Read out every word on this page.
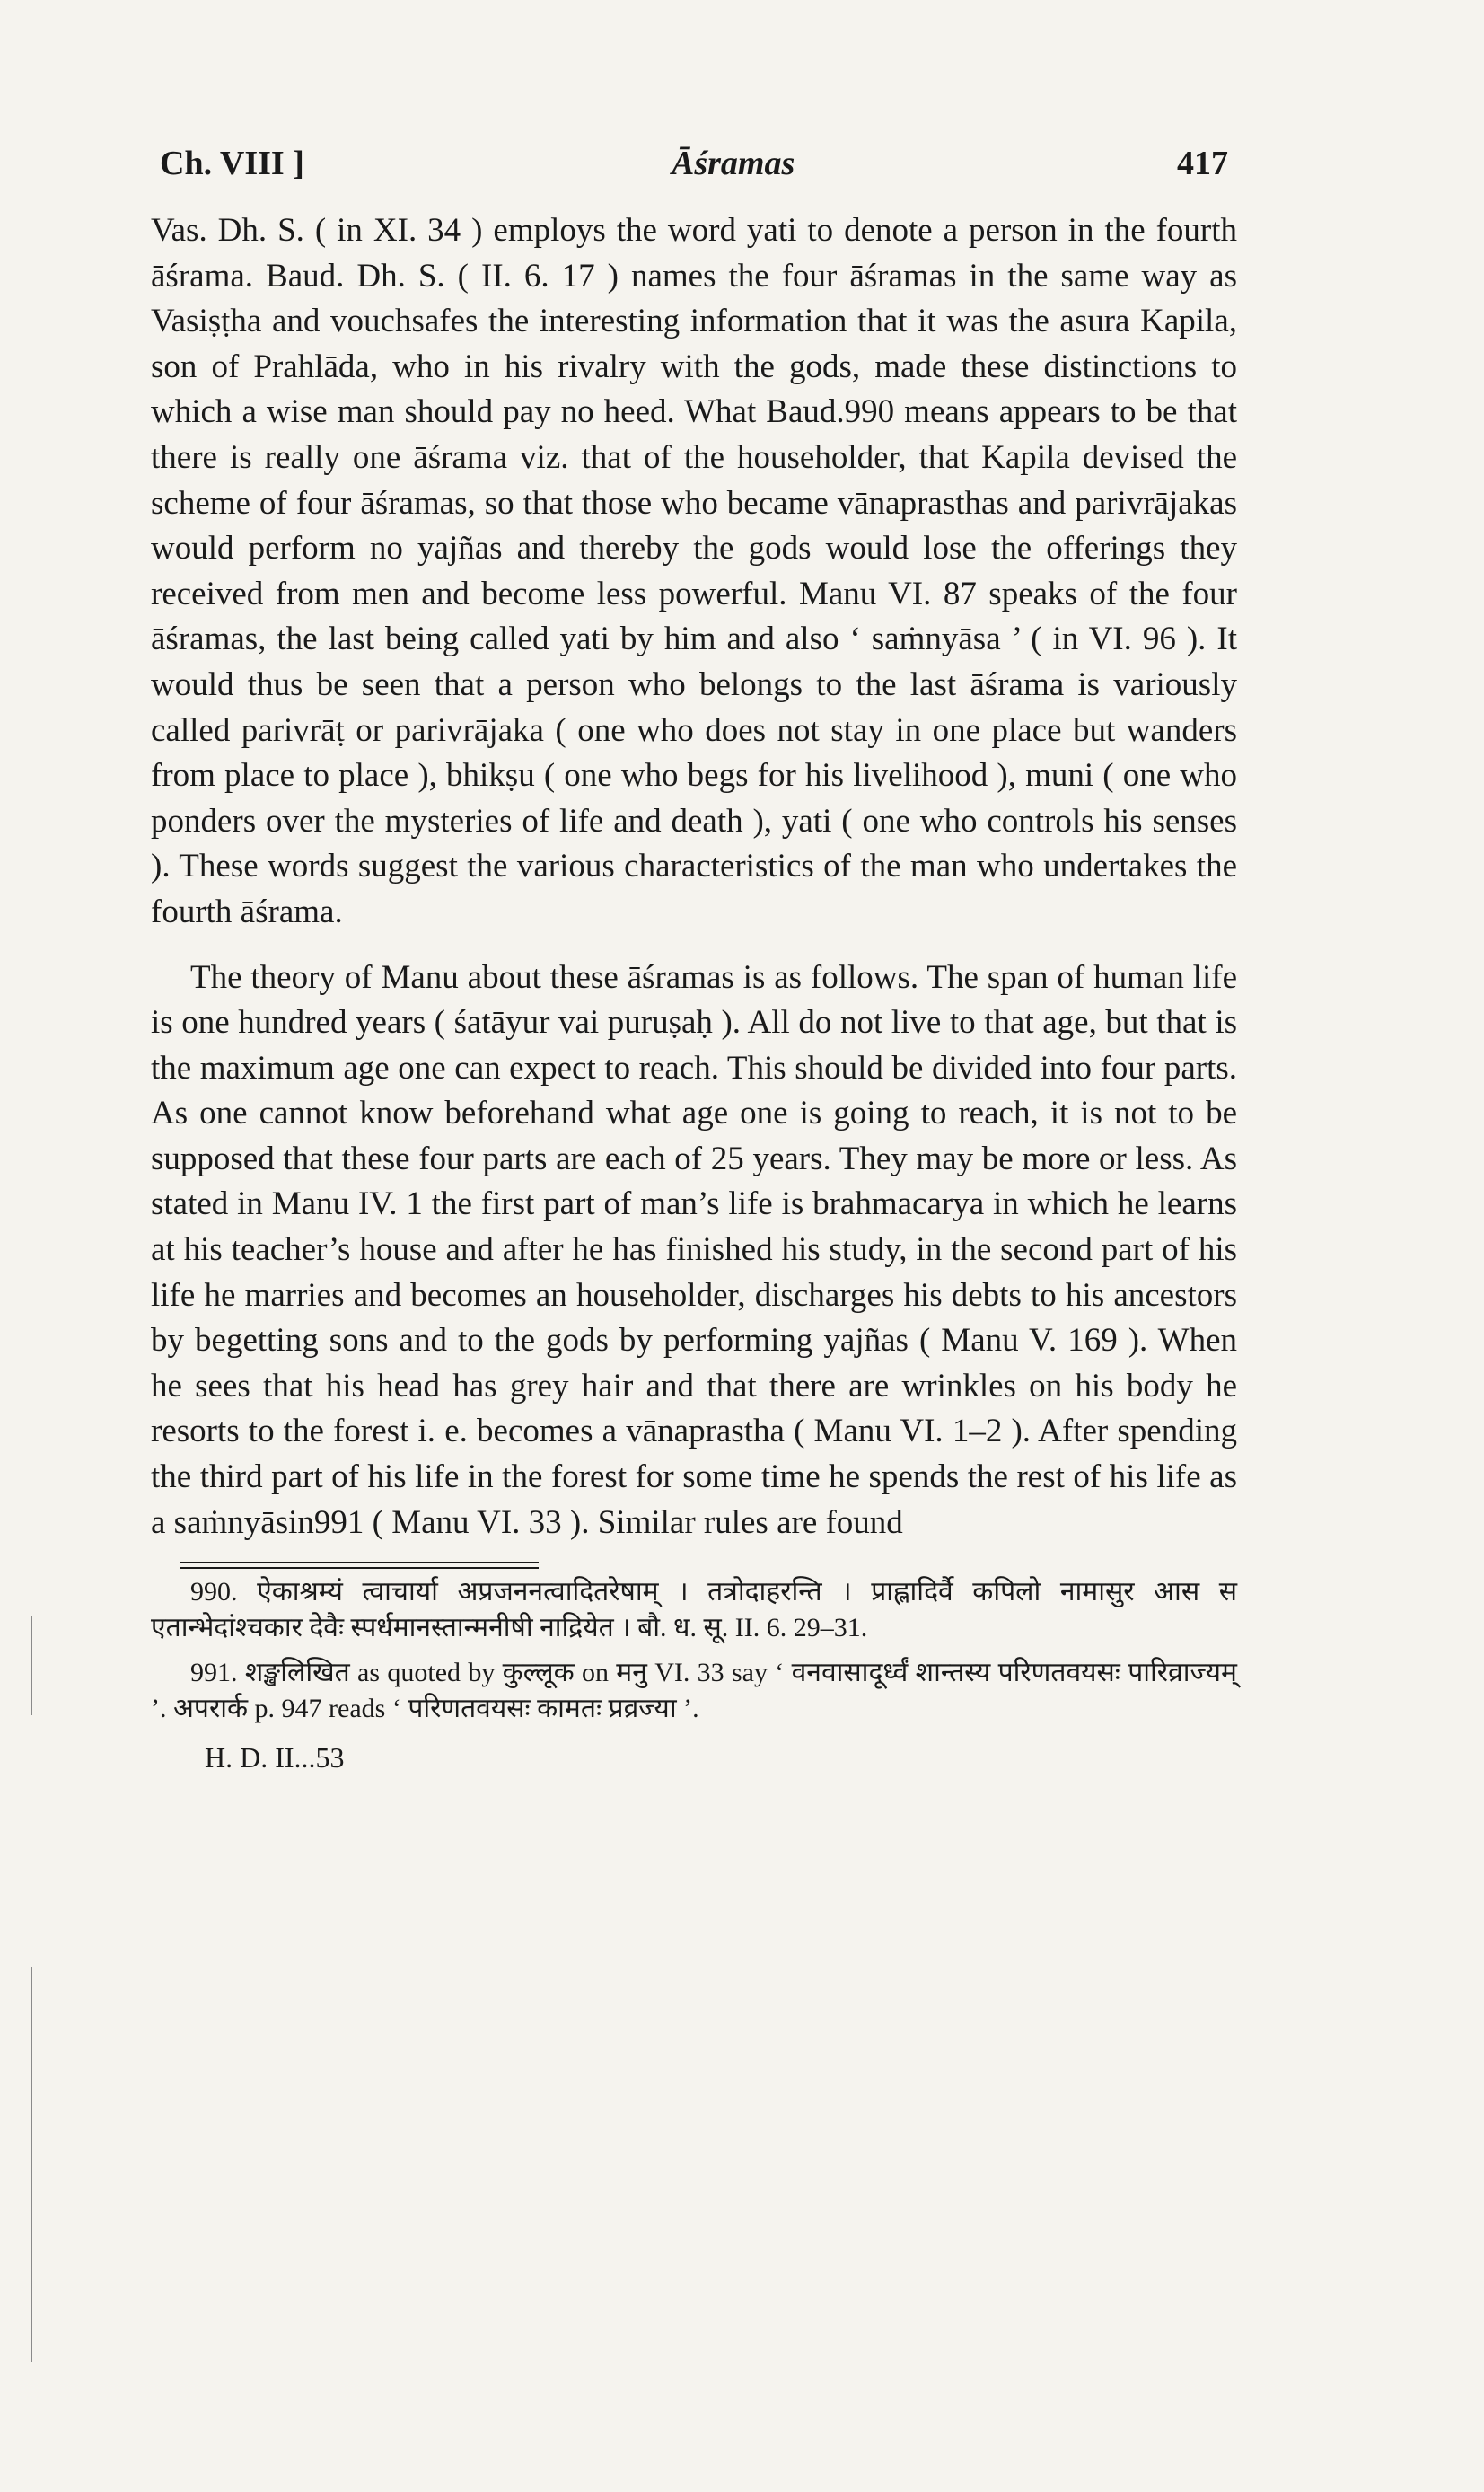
Ch. VIII ]	Āśramas	417

Vas. Dh. S. ( in XI. 34 ) employs the word yati to denote a person in the fourth āśrama. Baud. Dh. S. ( II. 6. 17 ) names the four āśramas in the same way as Vasiṣṭha and vouchsafes the interesting information that it was the asura Kapila, son of Prahlāda, who in his rivalry with the gods, made these distinctions to which a wise man should pay no heed. What Baud.990 means appears to be that there is really one āśrama viz. that of the householder, that Kapila devised the scheme of four āśramas, so that those who became vānaprasthas and parivrājakas would perform no yajñas and thereby the gods would lose the offerings they received from men and become less powerful. Manu VI. 87 speaks of the four āśramas, the last being called yati by him and also ‘ saṁnyāsa ’ ( in VI. 96 ). It would thus be seen that a person who belongs to the last āśrama is variously called parivrāṭ or parivrājaka ( one who does not stay in one place but wanders from place to place ), bhikṣu ( one who begs for his livelihood ), muni ( one who ponders over the mysteries of life and death ), yati ( one who controls his senses ). These words suggest the various characteristics of the man who undertakes the fourth āśrama.

The theory of Manu about these āśramas is as follows. The span of human life is one hundred years ( śatāyur vai puruṣaḥ ). All do not live to that age, but that is the maximum age one can expect to reach. This should be divided into four parts. As one cannot know beforehand what age one is going to reach, it is not to be supposed that these four parts are each of 25 years. They may be more or less. As stated in Manu IV. 1 the first part of man’s life is brahmacarya in which he learns at his teacher’s house and after he has finished his study, in the second part of his life he marries and becomes an householder, discharges his debts to his ancestors by begetting sons and to the gods by performing yajñas ( Manu V. 169 ). When he sees that his head has grey hair and that there are wrinkles on his body he resorts to the forest i. e. becomes a vānaprastha ( Manu VI. 1–2 ). After spending the third part of his life in the forest for some time he spends the rest of his life as a saṁnyāsin991 ( Manu VI. 33 ). Similar rules are found

990. ऐकाश्रम्यं त्वाचार्या अप्रजननत्वादितरेषाम् । तत्रोदाहरन्ति । प्राह्लादिर्वै कपिलो नामासुर आस स एतान्भेदांश्चकार देवैः स्पर्धमानस्तान्मनीषी नाद्रियेत । बौ. ध. सू. II. 6. 29–31.

991. शङ्खलिखित as quoted by कुल्लूक on मनु VI. 33 say ‘ वनवासादूर्ध्वं शान्तस्य परिणतवयसः पारिव्राज्यम् ’. अपरार्क p. 947 reads ‘ परिणतवयसः कामतः प्रव्रज्या ’.

H. D. II...53
